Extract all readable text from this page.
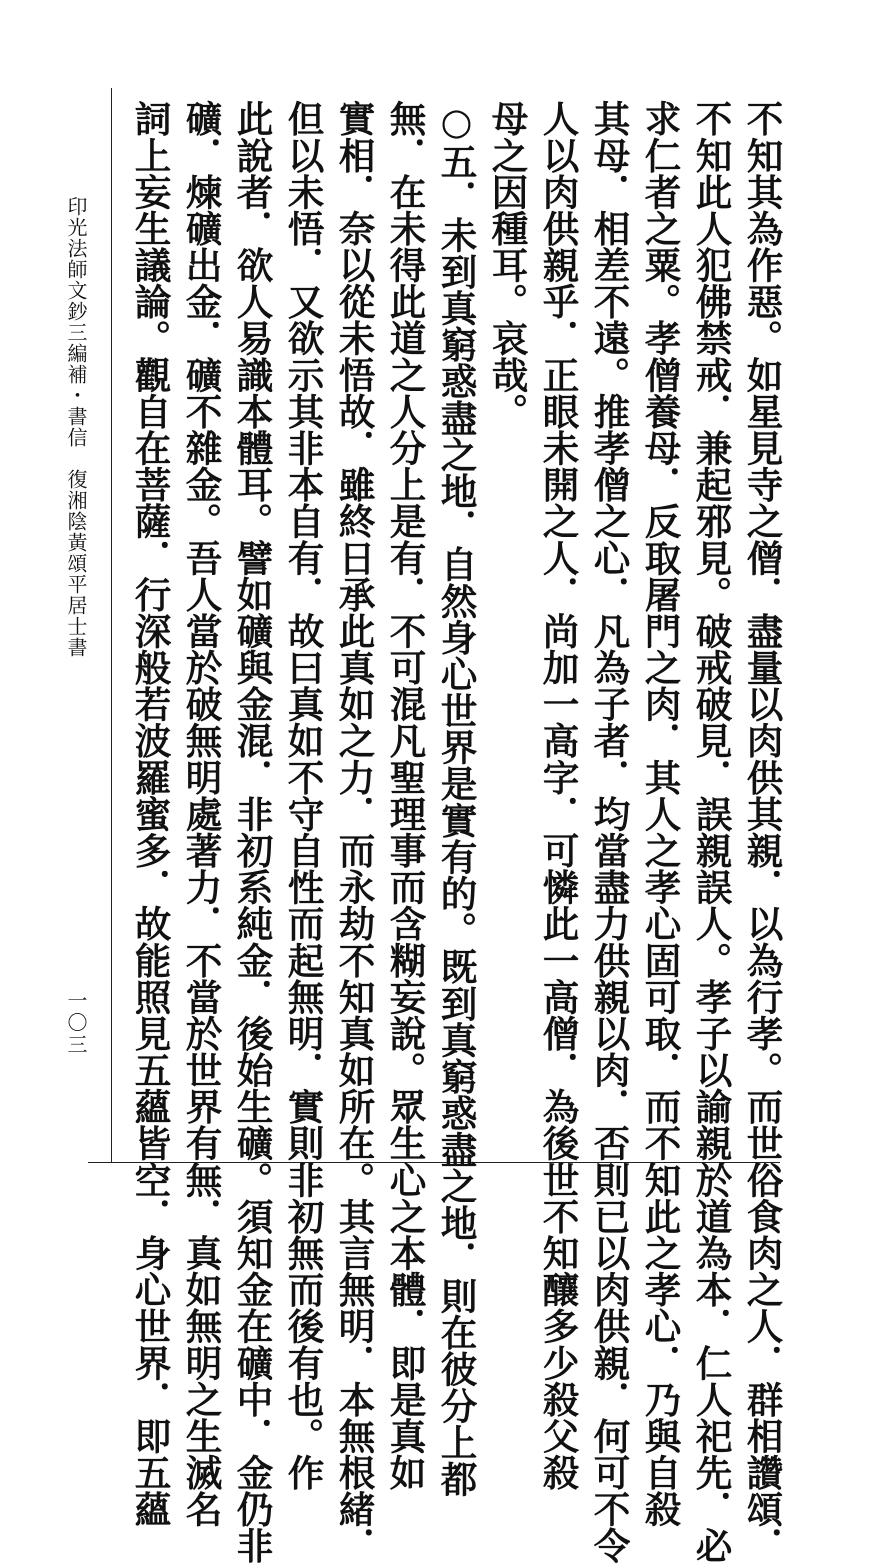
印光法師文鈔三編補・書信　復湘陰黃頌平居士書
一〇三	不知其為作惡。如星見寺之僧．盡量以肉供其親．以為行孝。而世俗食肉之人．群相讚頌．
不知此人犯佛禁戒．兼起邪見。破戒破見．誤親誤人。孝子以諭親於道為本．仁人祀先．必
求仁者之粟。孝僧養母．反取屠門之肉．其人之孝心固可取．而不知此之孝心．乃與自殺
其母．相差不遠。推孝僧之心．凡為子者．均當盡力供親以肉．否則已以肉供親．何可不令
人以肉供親乎．正眼未開之人．尚加一高字．可憐此一高僧．為後世不知釀多少殺父殺
母之因種耳。哀哉。
○五．未到真窮惑盡之地．自然身心世界是實有的。既到真窮惑盡之地．則在彼分上都
無．在未得此道之人分上是有．不可混凡聖理事而含糊妄說。眾生心之本體．即是真如
實相．奈以從未悟故．雖終日承此真如之力．而永劫不知真如所在。其言無明．本無根緒．
但以未悟．又欲示其非本自有．故曰真如不守自性而起無明．實則非初無而後有也。作
此說者．欲人易識本體耳。譬如礦與金混．非初系純金．後始生礦。須知金在礦中．金仍非
礦．煉礦出金．礦不雜金。吾人當於破無明處著力．不當於世界有無．真如無明之生滅名
詞上妄生議論。觀自在菩薩．行深般若波羅蜜多．故能照見五蘊皆空．身心世界．即五蘊
